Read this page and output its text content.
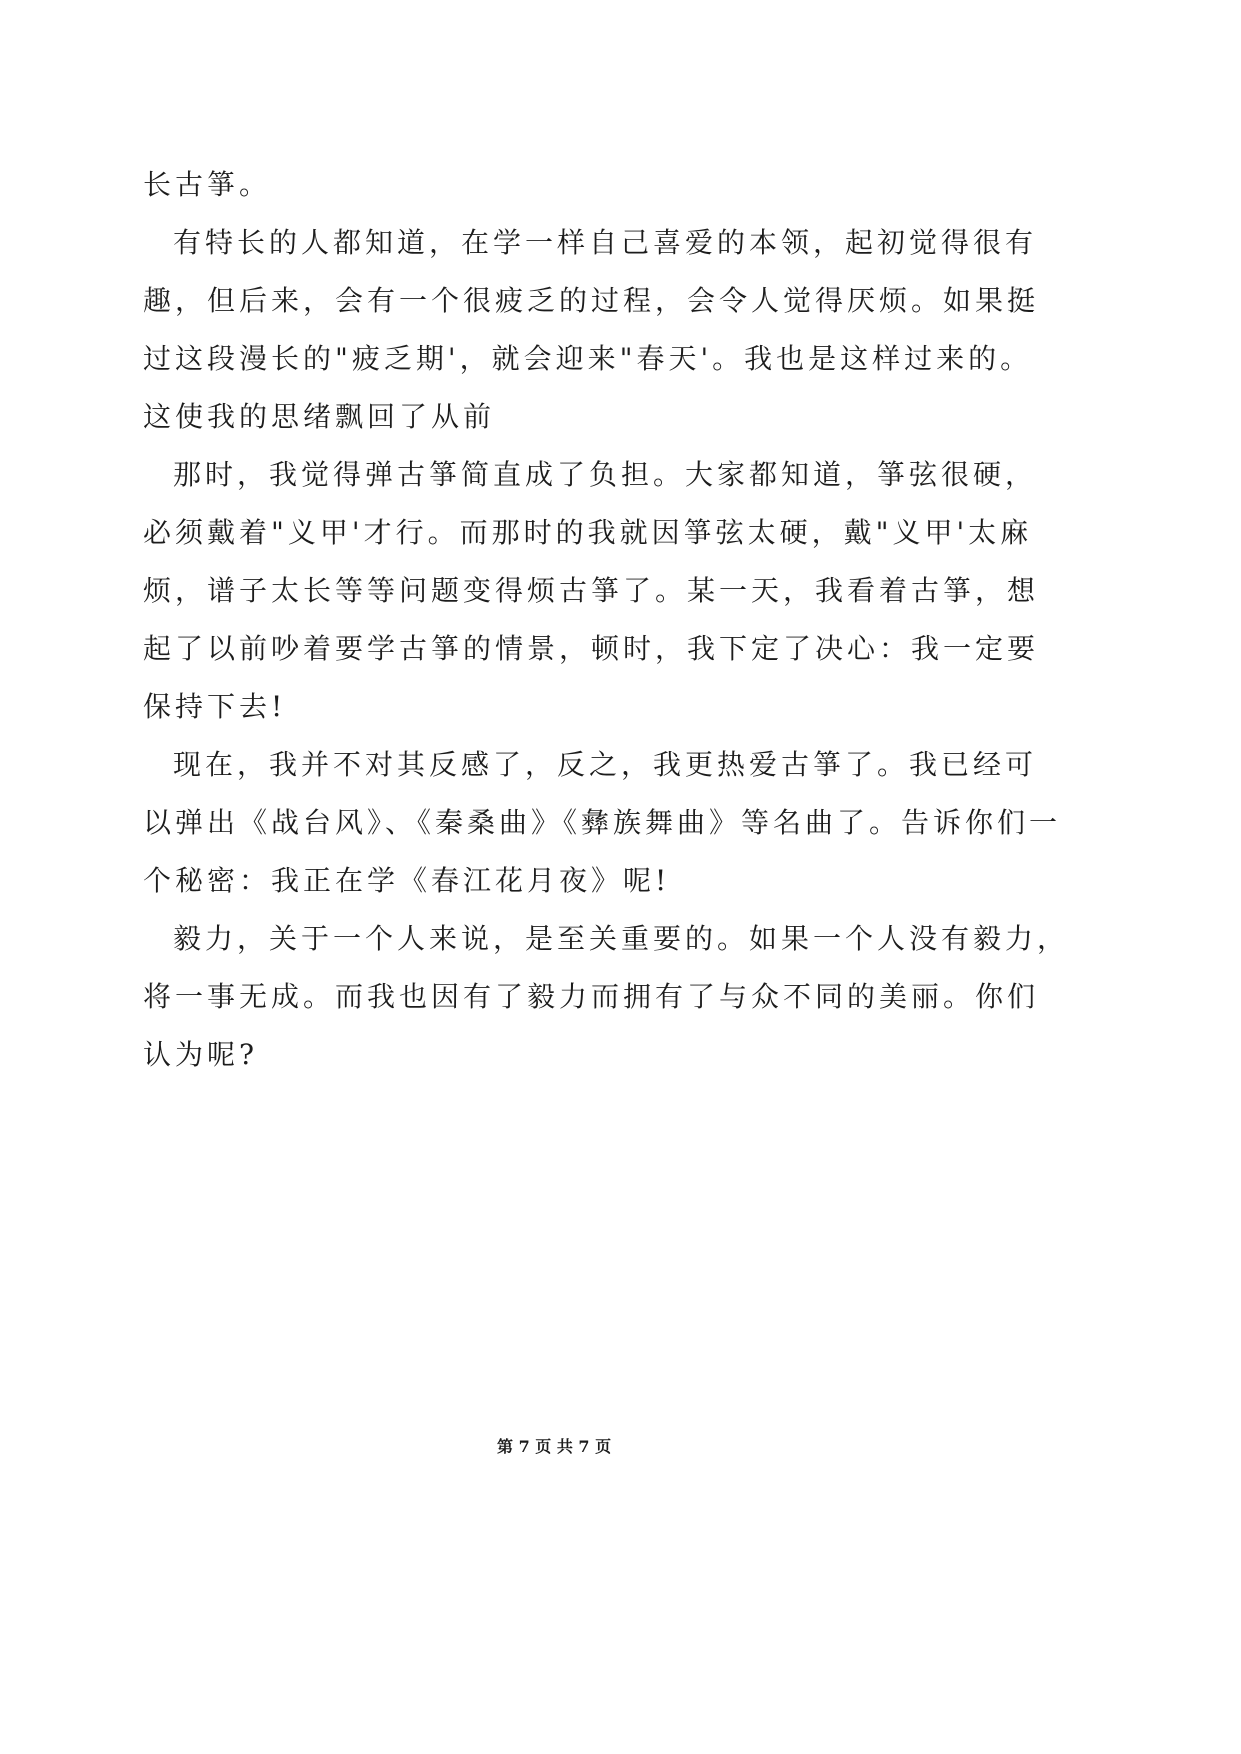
长古箏。
有特长的人都知道，在学一样自己喜爱的本领，起初觉得很有
趣，但后来，会有一个很疲乏的过程，会令人觉得厌烦。如果挺
过这段漫长的"疲乏期'，就会迎来"春天'。我也是这样过来的。
这使我的思绪飘回了从前
那时，我觉得弹古箏简直成了负担。大家都知道，箏弦很硬，
必须戴着"义甲'才行。而那时的我就因箏弦太硬，戴"义甲'太麻
烦，谱子太长等等问题变得烦古箏了。某一天，我看着古箏，想
起了以前吵着要学古箏的情景，顿时，我下定了决心：我一定要
保持下去!
现在，我并不对其反感了，反之，我更热爱古箏了。我已经可
以弹出《战台风》、《秦桑曲》《彝族舞曲》等名曲了。告诉你们一
个秘密：我正在学《春江花月夜》呢!
毅力，关于一个人来说，是至关重要的。如果一个人没有毅力，
将一事无成。而我也因有了毅力而拥有了与众不同的美丽。你们
认为呢?
第 7 页 共 7 页
